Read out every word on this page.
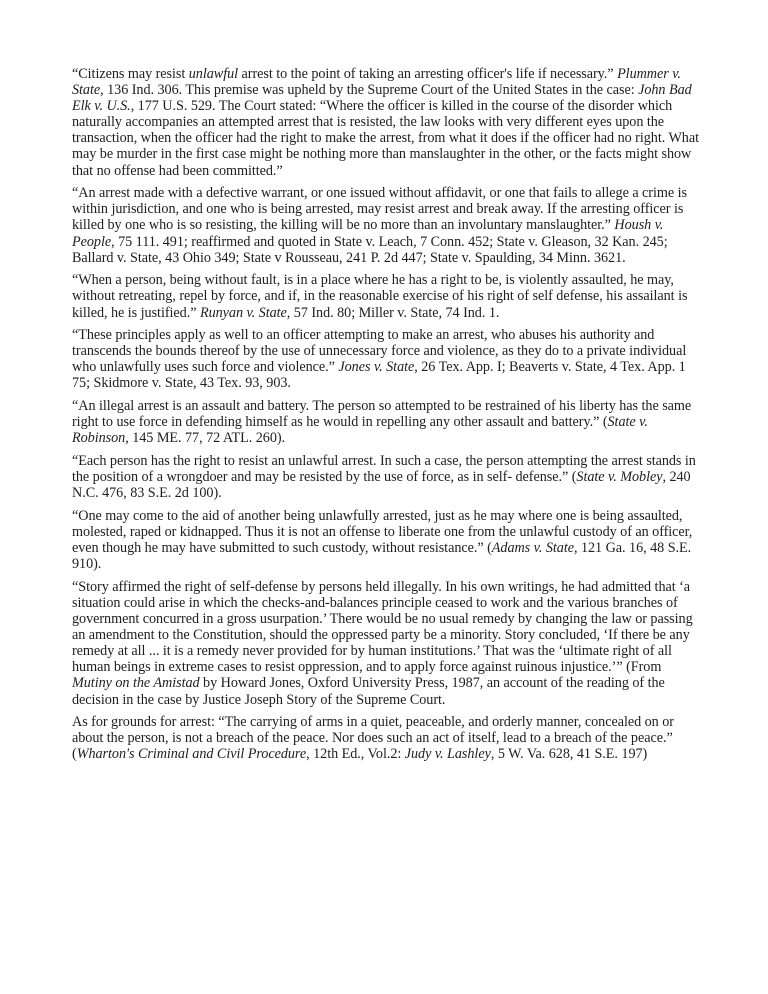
“Citizens may resist unlawful arrest to the point of taking an arresting officer's life if necessary.” Plummer v. State, 136 Ind. 306. This premise was upheld by the Supreme Court of the United States in the case: John Bad Elk v. U.S., 177 U.S. 529. The Court stated: “Where the officer is killed in the course of the disorder which naturally accompanies an attempted arrest that is resisted, the law looks with very different eyes upon the transaction, when the officer had the right to make the arrest, from what it does if the officer had no right. What may be murder in the first case might be nothing more than manslaughter in the other, or the facts might show that no offense had been committed.”

“An arrest made with a defective warrant, or one issued without affidavit, or one that fails to allege a crime is within jurisdiction, and one who is being arrested, may resist arrest and break away. If the arresting officer is killed by one who is so resisting, the killing will be no more than an involuntary manslaughter.” Housh v. People, 75 111. 491; reaffirmed and quoted in State v. Leach, 7 Conn. 452; State v. Gleason, 32 Kan. 245; Ballard v. State, 43 Ohio 349; State v Rousseau, 241 P. 2d 447; State v. Spaulding, 34 Minn. 3621.

“When a person, being without fault, is in a place where he has a right to be, is violently assaulted, he may, without retreating, repel by force, and if, in the reasonable exercise of his right of self defense, his assailant is killed, he is justified.” Runyan v. State, 57 Ind. 80; Miller v. State, 74 Ind. 1.

“These principles apply as well to an officer attempting to make an arrest, who abuses his authority and transcends the bounds thereof by the use of unnecessary force and violence, as they do to a private individual who unlawfully uses such force and violence.” Jones v. State, 26 Tex. App. I; Beaverts v. State, 4 Tex. App. 1 75; Skidmore v. State, 43 Tex. 93, 903.

“An illegal arrest is an assault and battery. The person so attempted to be restrained of his liberty has the same right to use force in defending himself as he would in repelling any other assault and battery.” (State v. Robinson, 145 ME. 77, 72 ATL. 260).

“Each person has the right to resist an unlawful arrest. In such a case, the person attempting the arrest stands in the position of a wrongdoer and may be resisted by the use of force, as in self- defense.” (State v. Mobley, 240 N.C. 476, 83 S.E. 2d 100).

“One may come to the aid of another being unlawfully arrested, just as he may where one is being assaulted, molested, raped or kidnapped. Thus it is not an offense to liberate one from the unlawful custody of an officer, even though he may have submitted to such custody, without resistance.” (Adams v. State, 121 Ga. 16, 48 S.E. 910).

“Story affirmed the right of self-defense by persons held illegally. In his own writings, he had admitted that ‘a situation could arise in which the checks-and-balances principle ceased to work and the various branches of government concurred in a gross usurpation.’ There would be no usual remedy by changing the law or passing an amendment to the Constitution, should the oppressed party be a minority. Story concluded, ‘If there be any remedy at all ... it is a remedy never provided for by human institutions.’ That was the ‘ultimate right of all human beings in extreme cases to resist oppression, and to apply force against ruinous injustice.’” (From Mutiny on the Amistad by Howard Jones, Oxford University Press, 1987, an account of the reading of the decision in the case by Justice Joseph Story of the Supreme Court.

As for grounds for arrest: “The carrying of arms in a quiet, peaceable, and orderly manner, concealed on or about the person, is not a breach of the peace. Nor does such an act of itself, lead to a breach of the peace.” (Wharton's Criminal and Civil Procedure, 12th Ed., Vol.2: Judy v. Lashley, 5 W. Va. 628, 41 S.E. 197)
